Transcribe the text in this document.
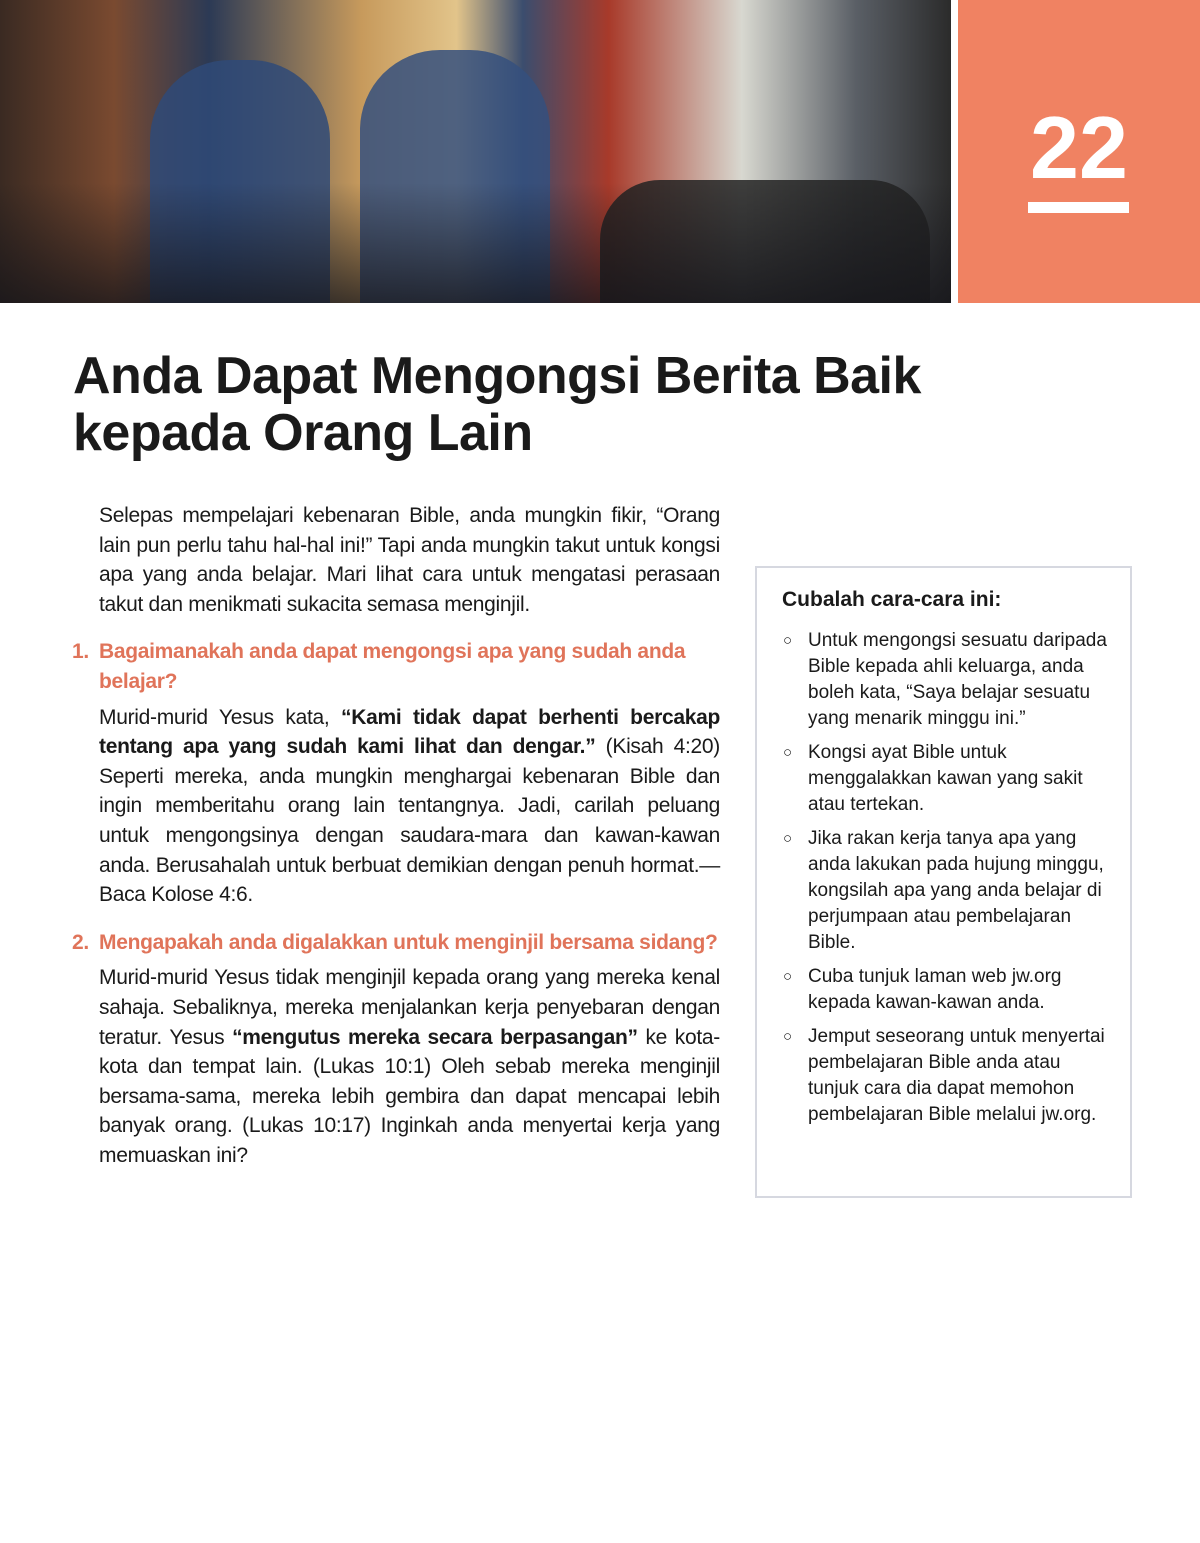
22
Anda Dapat Mengongsi Berita Baik kepada Orang Lain

Selepas mempelajari kebenaran Bible, anda mungkin fikir, “Orang lain pun perlu tahu hal-hal ini!” Tapi anda mungkin takut untuk kongsi apa yang anda belajar. Mari lihat cara untuk mengatasi perasaan takut dan menikmati sukacita semasa menginjil.

1. Bagaimanakah anda dapat mengongsi apa yang sudah anda belajar?

Murid-murid Yesus kata, “Kami tidak dapat berhenti bercakap tentang apa yang sudah kami lihat dan dengar.” (Kisah 4:20) Seperti mereka, anda mungkin menghargai kebenaran Bible dan ingin memberitahu orang lain tentangnya. Jadi, carilah peluang untuk mengongsinya dengan saudara-mara dan kawan-kawan anda. Berusahalah untuk berbuat demikian dengan penuh hormat.—Baca Kolose 4:6.

2. Mengapakah anda digalakkan untuk menginjil bersama sidang?

Murid-murid Yesus tidak menginjil kepada orang yang mereka kenal sahaja. Sebaliknya, mereka menjalankan kerja penyebaran dengan teratur. Yesus “mengutus mereka secara berpasangan” ke kota-kota dan tempat lain. (Lukas 10:1) Oleh sebab mereka menginjil bersama-sama, mereka lebih gembira dan dapat mencapai lebih banyak orang. (Lukas 10:17) Inginkah anda menyertai kerja yang memuaskan ini?

Cubalah cara-cara ini:
○ Untuk mengongsi sesuatu daripada Bible kepada ahli keluarga, anda boleh kata, “Saya belajar sesuatu yang menarik minggu ini.”
○ Kongsi ayat Bible untuk menggalakkan kawan yang sakit atau tertekan.
○ Jika rakan kerja tanya apa yang anda lakukan pada hujung minggu, kongsilah apa yang anda belajar di perjumpaan atau pembelajaran Bible.
○ Cuba tunjuk laman web jw.org kepada kawan-kawan anda.
○ Jemput seseorang untuk menyertai pembelajaran Bible anda atau tunjuk cara dia dapat memohon pembelajaran Bible melalui jw.org.
